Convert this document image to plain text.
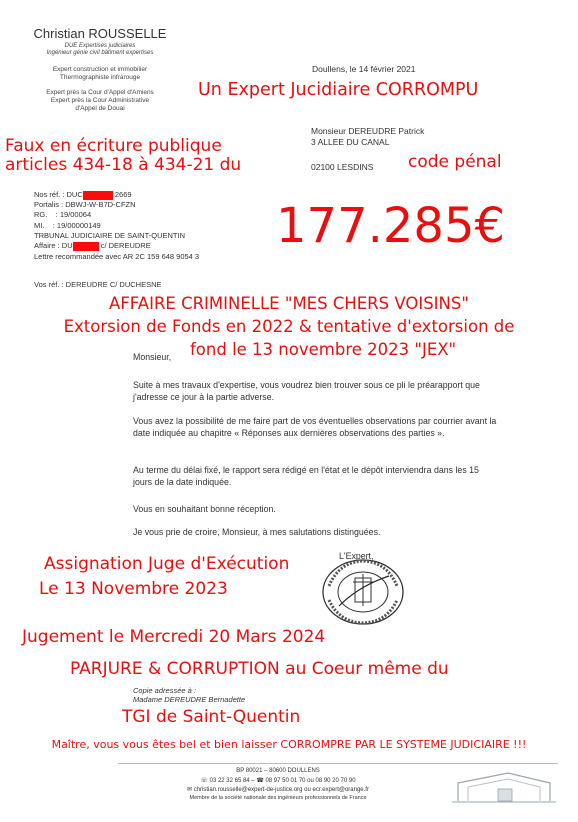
Christian ROUSSELLE
DUE Expertises judiciaires
Ingénieur génie civil bâtiment expertises
Expert construction et immobilier
Thermographiste infrarouge
Expert près la Cour d'Appel d'Amiens
Expert près la Cour Administrative
d'Appel de Douai
Doullens, le 14 février 2021
Monsieur DEREUDRE Patrick
3 ALLEE DU CANAL
02100 LESDINS
Nos réf. : DUC	2669
Portalis : DBWJ-W-B7D-CFZN
RG.    : 19/00064
MI.    : 19/00000149
TRBUNAL JUDICIAIRE DE SAINT-QUENTIN
Affaire : DU	c/ DEREUDRE
Lettre recommandée avec AR 2C 159 648 9054 3
Vos réf. : DEREUDRE C/ DUCHESNE
Un Expert Jucidiaire CORROMPU
Faux en écriture publique
articles 434-18 à 434-21 du	code pénal
177.285€
AFFAIRE CRIMINELLE "MES CHERS VOISINS"
Extorsion de Fonds en 2022 & tentative d'extorsion de
fond le 13 novembre 2023 "JEX"
Monsieur,
Suite à mes travaux d'expertise, vous voudrez bien trouver sous ce pli le préarapport que j'adresse ce jour à la partie adverse.
Vous avez la possibilité de me faire part de vos éventuelles observations par courrier avant la date indiquée au chapitre « Réponses aux dernières observations des parties ».
Au terme du délai fixé, le rapport sera rédigé en l'état et le dépôt interviendra dans les 15 jours de la date indiquée.
Vous en souhaitant bonne réception.
Je vous prie de croire, Monsieur, à mes salutations distinguées.
L'Expert,
Assignation Juge d'Exécution
Le 13 Novembre 2023
Jugement le Mercredi 20 Mars 2024
PARJURE & CORRUPTION au Coeur même du
Copie adressée à :
Madame DEREUDRE Bernadette
TGI de Saint-Quentin
Maître, vous vous êtes bel et bien laisser CORROMPRE PAR LE SYSTEME JUDICIAIRE !!!
BP 80021 – 80600 DOULLENS
☏ 03 22 32 65 84 – ☎ 08 97 50 01 70 ou 08 90 20 70 90
✉ christian.rousselle@expert-de-justice.org ou ecr.expert@orange.fr
Membre de la société nationale des ingénieurs professionnels de France
